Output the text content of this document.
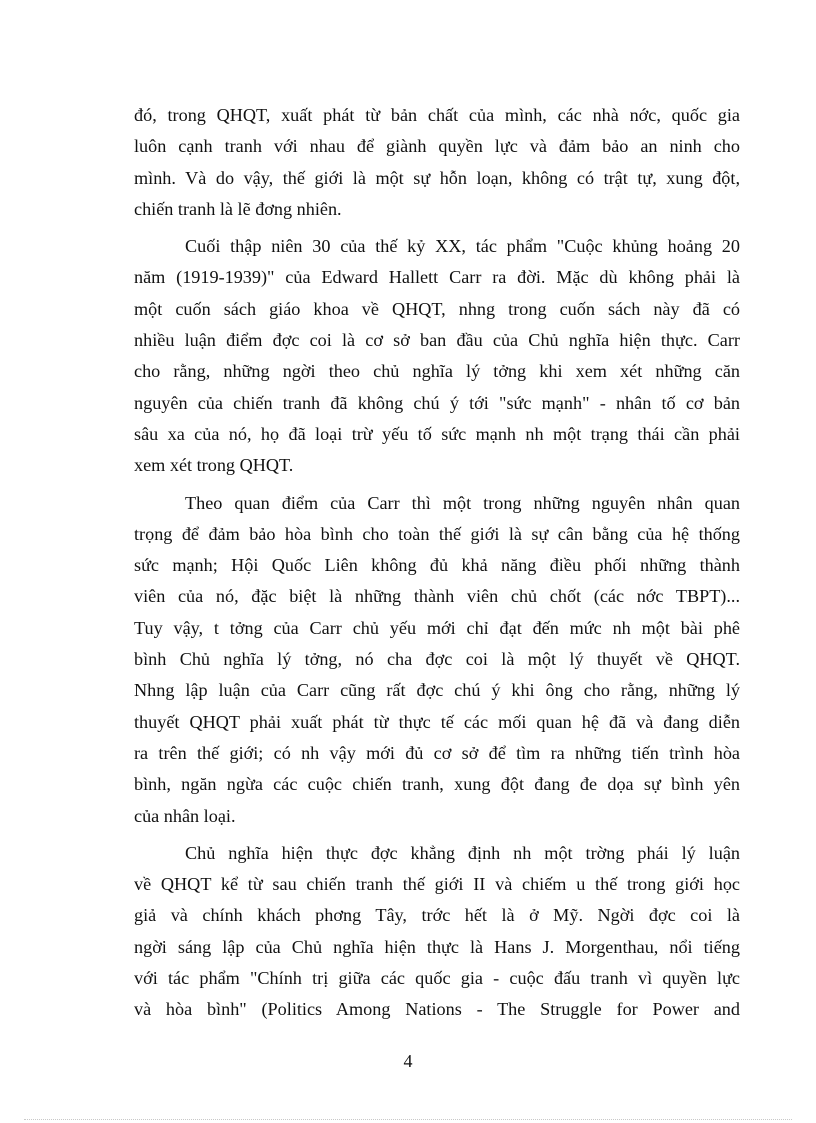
đó, trong QHQT, xuất phát từ bản chất của mình, các nhà nớc, quốc gia
luôn cạnh tranh với nhau để giành quyền lực và đảm bảo an ninh cho
mình. Và do vậy, thế giới là một sự hỗn loạn, không có trật tự, xung đột,
chiến tranh là lẽ đơng nhiên.

Cuối thập niên 30 của thế kỷ XX, tác phẩm "Cuộc khủng hoảng 20
năm (1919-1939)" của Edward Hallett Carr ra đời. Mặc dù không phải là
một cuốn sách giáo khoa về QHQT, nhng trong cuốn sách này đã có
nhiều luận điểm đợc coi là cơ sở ban đầu của Chủ nghĩa hiện thực. Carr
cho rằng, những ngời theo chủ nghĩa lý tởng khi xem xét những căn
nguyên của chiến tranh đã không chú ý tới "sức mạnh" - nhân tố cơ bản
sâu xa của nó, họ đã loại trừ yếu tố sức mạnh nh một trạng thái cần phải
xem xét trong QHQT.

Theo quan điểm của Carr thì một trong những nguyên nhân quan
trọng để đảm bảo hòa bình cho toàn thế giới là sự cân bằng của hệ thống
sức mạnh; Hội Quốc Liên không đủ khả năng điều phối những thành
viên của nó, đặc biệt là những thành viên chủ chốt (các nớc TBPT)...
Tuy vậy, t tởng của Carr chủ yếu mới chỉ đạt đến mức nh một bài phê
bình Chủ nghĩa lý tởng, nó cha đợc coi là một lý thuyết về QHQT.
Nhng lập luận của Carr cũng rất đợc chú ý khi ông cho rằng, những lý
thuyết QHQT phải xuất phát từ thực tế các mối quan hệ đã và đang diễn
ra trên thế giới; có nh vậy mới đủ cơ sở để tìm ra những tiến trình hòa
bình, ngăn ngừa các cuộc chiến tranh, xung đột đang đe dọa sự bình yên
của nhân loại.

Chủ nghĩa hiện thực đợc khẳng định nh một trờng phái lý luận
về QHQT kể từ sau chiến tranh thế giới II và chiếm u thế trong giới học
giả và chính khách phơng Tây, trớc hết là ở Mỹ. Ngời đợc coi là
ngời sáng lập của Chủ nghĩa hiện thực là Hans J. Morgenthau, nổi tiếng
với tác phẩm "Chính trị giữa các quốc gia - cuộc đấu tranh vì quyền lực
và hòa bình" (Politics Among Nations - The Struggle for Power and

4
